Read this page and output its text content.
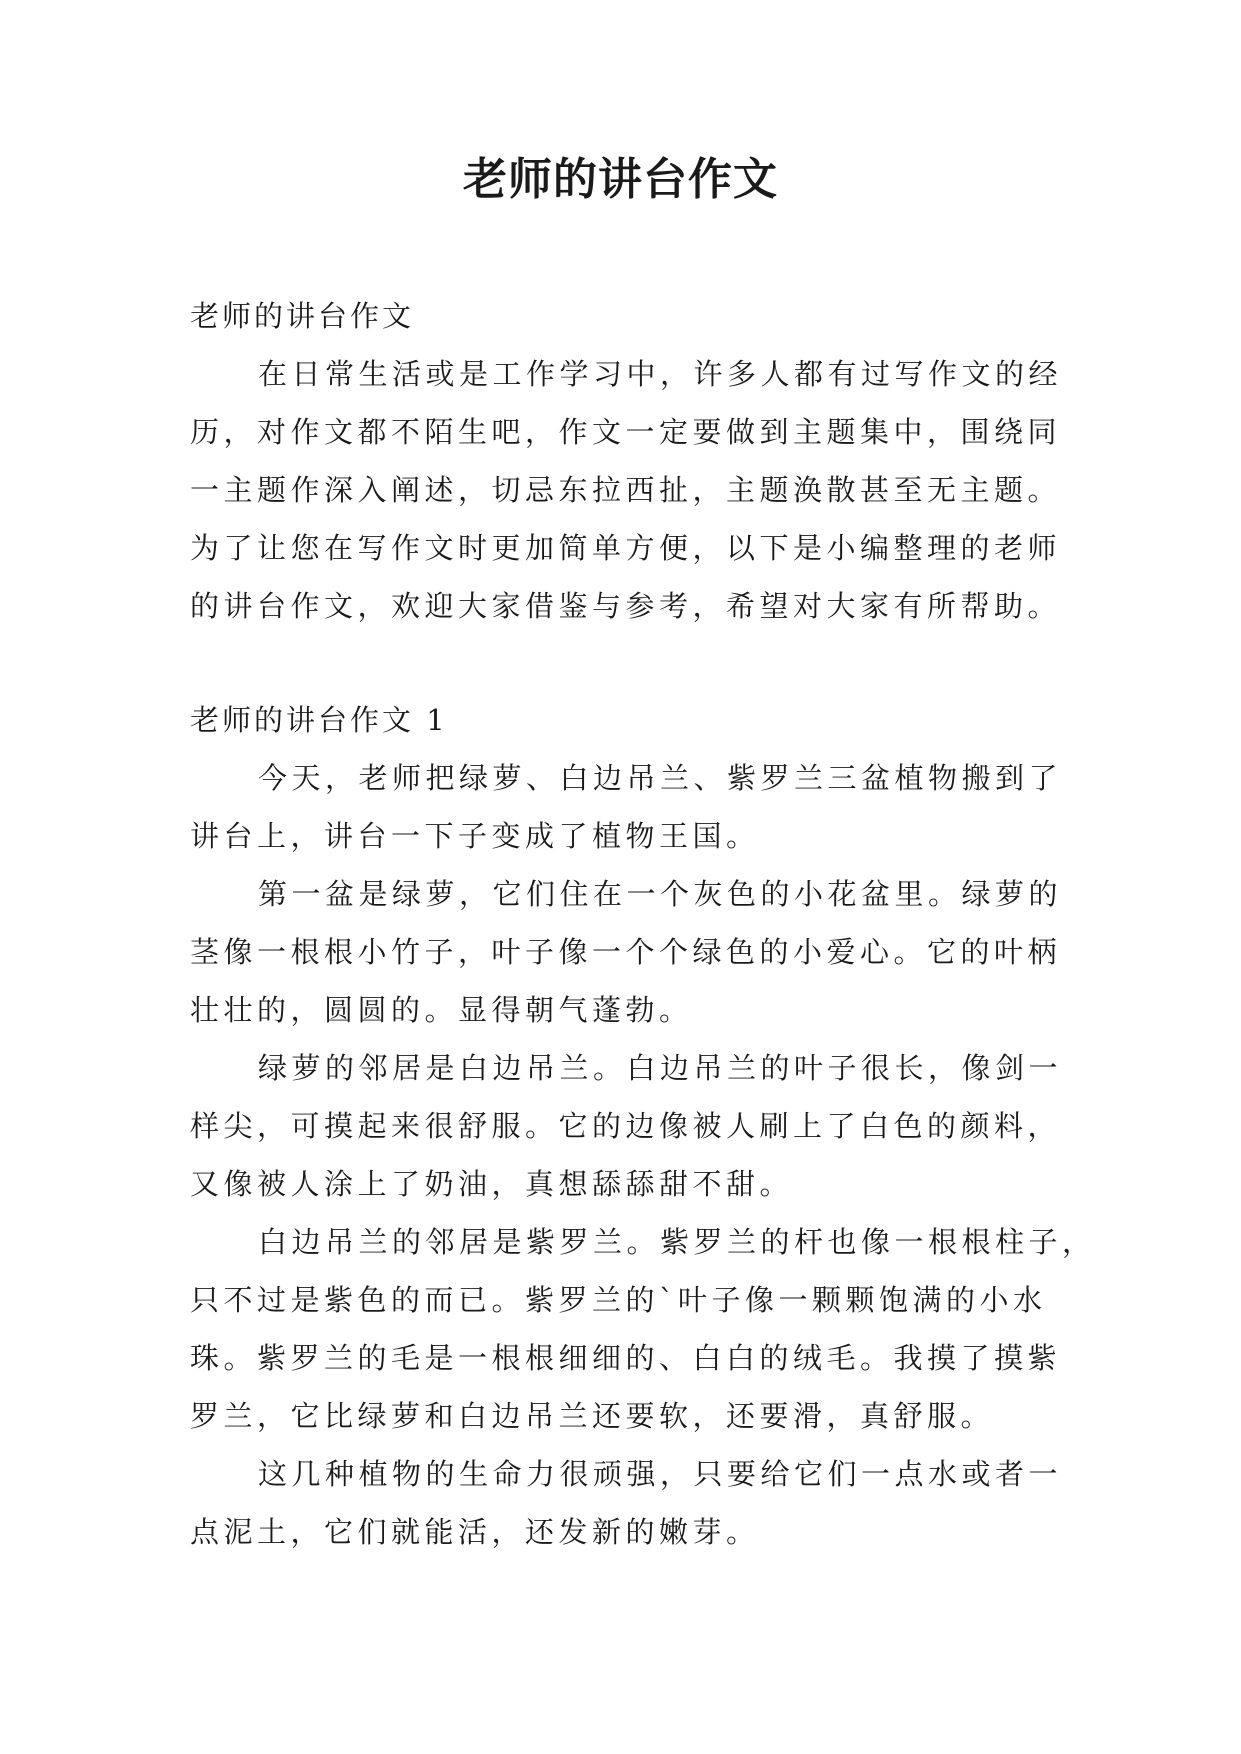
老师的讲台作文

老师的讲台作文

在日常生活或是工作学习中，许多人都有过写作文的经

历，对作文都不陌生吧，作文一定要做到主题集中，围绕同

一主题作深入阐述，切忌东拉西扯，主题涣散甚至无主题。

为了让您在写作文时更加简单方便，以下是小编整理的老师

的讲台作文，欢迎大家借鉴与参考，希望对大家有所帮助。

老师的讲台作文 1

今天，老师把绿萝、白边吊兰、紫罗兰三盆植物搬到了

讲台上，讲台一下子变成了植物王国。

第一盆是绿萝，它们住在一个灰色的小花盆里。绿萝的

茎像一根根小竹子，叶子像一个个绿色的小爱心。它的叶柄

壮壮的，圆圆的。显得朝气蓬勃。

绿萝的邻居是白边吊兰。白边吊兰的叶子很长，像剑一

样尖，可摸起来很舒服。它的边像被人刷上了白色的颜料，

又像被人涂上了奶油，真想舔舔甜不甜。

白边吊兰的邻居是紫罗兰。紫罗兰的杆也像一根根柱子，

只不过是紫色的而已。紫罗兰的`叶子像一颗颗饱满的小水

珠。紫罗兰的毛是一根根细细的、白白的绒毛。我摸了摸紫

罗兰，它比绿萝和白边吊兰还要软，还要滑，真舒服。

这几种植物的生命力很顽强，只要给它们一点水或者一

点泥土，它们就能活，还发新的嫩芽。
